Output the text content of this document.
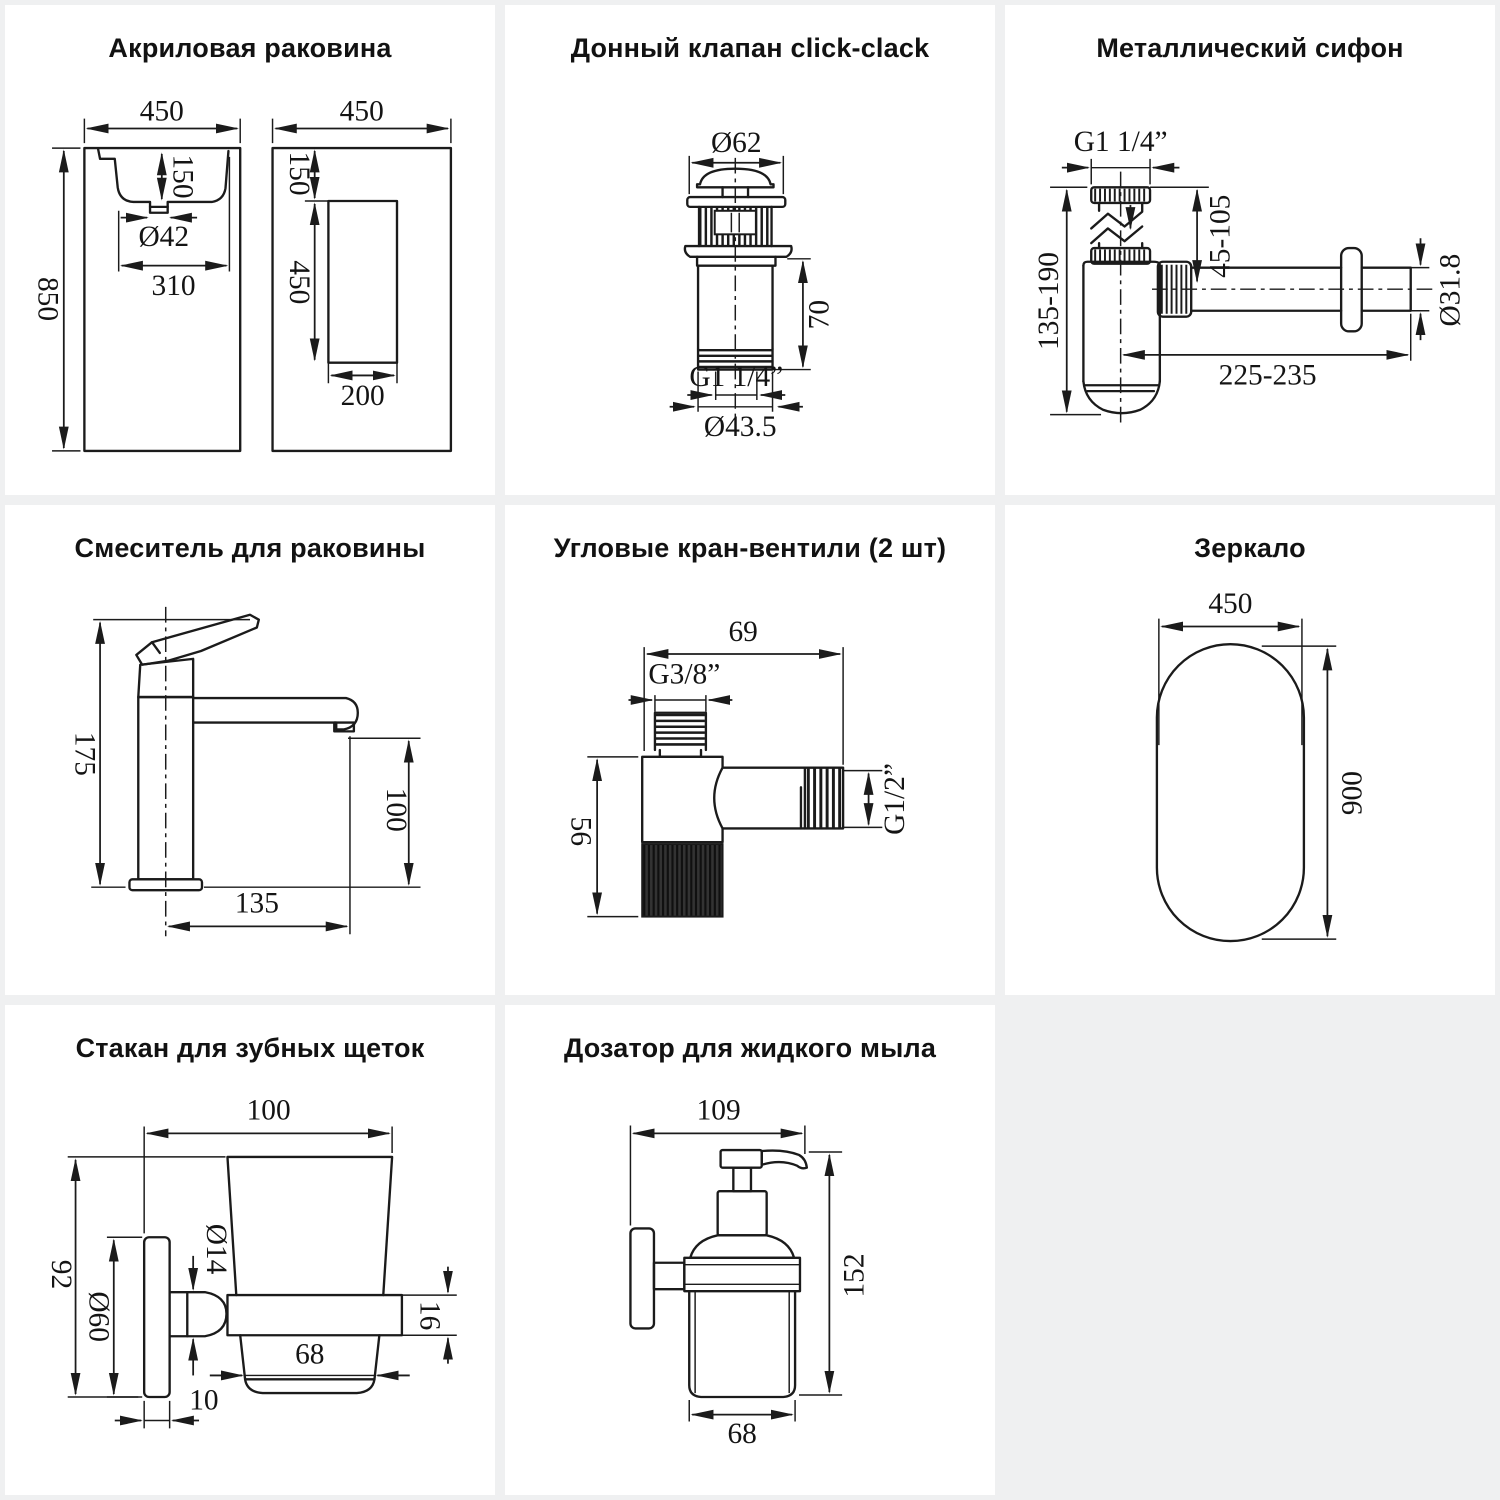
Акриловая раковина
450
850
150
Ø42
310
450
150
450
200
Донный клапан click-clack
Ø62
70
G1 1/4”
Ø43.5
Металлический сифон
G1 1/4”
135-190
45-105
Ø31.8
225-235
Смеситель для раковины
175
100
135
Угловые кран-вентили (2 шт)
69
G3/8”
56	G1/2”
Зеркало
450
900
Стакан для зубных щеток
100
92
Ø60
Ø14
16
68
10
Дозатор для жидкого мыла
109
152
68
